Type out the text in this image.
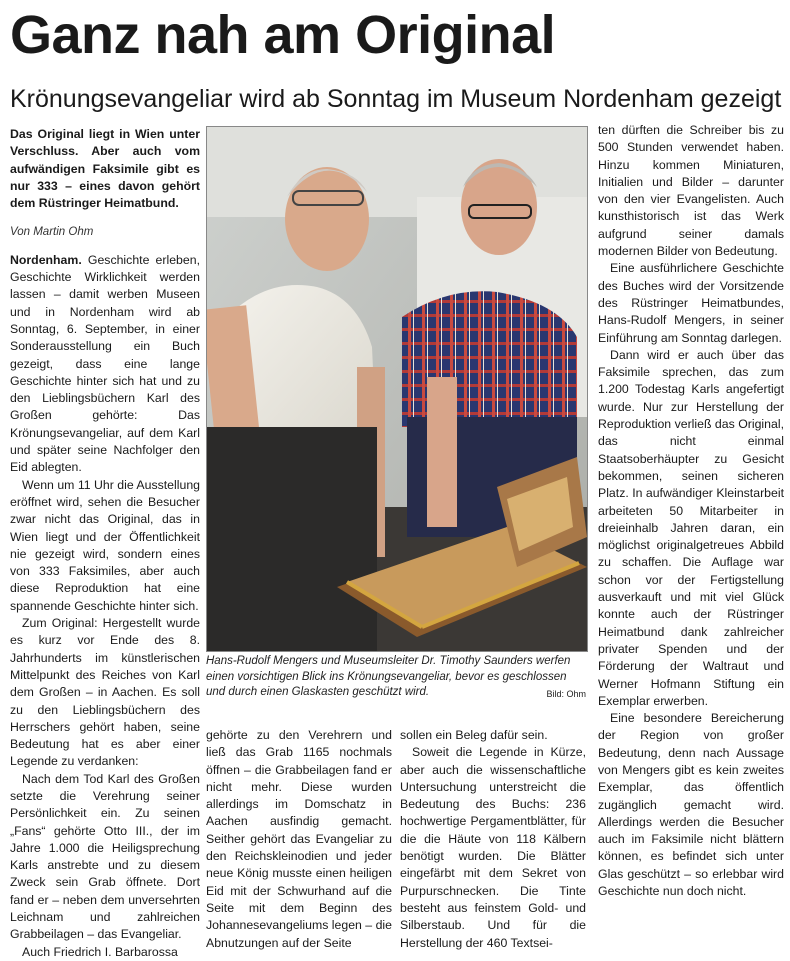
Ganz nah am Original
Krönungsevangeliar wird ab Sonntag im Museum Nordenham gezeigt

Das Original liegt in Wien unter Verschluss. Aber auch vom aufwändigen Faksimile gibt es nur 333 – eines davon gehört dem Rüstringer Heimatbund.

Von Martin Ohm

Nordenham. Geschichte erleben, Geschichte Wirklichkeit werden lassen – damit werben Museen und in Nordenham wird ab Sonntag, 6. September, in einer Sonderausstellung ein Buch gezeigt, dass eine lange Geschichte hinter sich hat und zu den Lieblingsbüchern Karl des Großen gehörte: Das Krönungsevangeliar, auf dem Karl und später seine Nachfolger den Eid ablegten.

Wenn um 11 Uhr die Ausstellung eröffnet wird, sehen die Besucher zwar nicht das Original, das in Wien liegt und der Öffentlichkeit nie gezeigt wird, sondern eines von 333 Faksimiles, aber auch diese Reproduktion hat eine spannende Geschichte hinter sich.

Zum Original: Hergestellt wurde es kurz vor Ende des 8. Jahrhunderts im künstlerischen Mittelpunkt des Reiches von Karl dem Großen – in Aachen. Es soll zu den Lieblingsbüchern des Herrschers gehört haben, seine Bedeutung hat es aber einer Legende zu verdanken:

Nach dem Tod Karl des Großen setzte die Verehrung seiner Persönlichkeit ein. Zu seinen „Fans“ gehörte Otto III., der im Jahre 1.000 die Heiligsprechung Karls anstrebte und zu diesem Zweck sein Grab öffnete. Dort fand er – neben dem unversehrten Leichnam und zahlreichen Grabbeilagen – das Evangeliar.

Auch Friedrich I. Barbarossa

Hans-Rudolf Mengers und Museumsleiter Dr. Timothy Saunders werfen einen vorsichtigen Blick ins Krönungsevangeliar, bevor es geschlossen und durch einen Glaskasten geschützt wird.	Bild: Ohm

gehörte zu den Verehrern und ließ das Grab 1165 nochmals öffnen – die Grabbeilagen fand er nicht mehr. Diese wurden allerdings im Domschatz in Aachen ausfindig gemacht. Seither gehört das Evangeliar zu den Reichskleinodien und jeder neue König musste einen heiligen Eid mit der Schwurhand auf die Seite mit dem Beginn des Johannesevangeliums legen – die Abnutzungen auf der Seite

sollen ein Beleg dafür sein.

Soweit die Legende in Kürze, aber auch die wissenschaftliche Untersuchung unterstreicht die Bedeutung des Buchs: 236 hochwertige Pergamentblätter, für die die Häute von 118 Kälbern benötigt wurden. Die Blätter eingefärbt mit dem Sekret von Purpurschnecken. Die Tinte besteht aus feinstem Gold- und Silberstaub. Und für die Herstellung der 460 Textsei-

ten dürften die Schreiber bis zu 500 Stunden verwendet haben. Hinzu kommen Miniaturen, Initialien und Bilder – darunter von den vier Evangelisten. Auch kunsthistorisch ist das Werk aufgrund seiner damals modernen Bilder von Bedeutung.

Eine ausführlichere Geschichte des Buches wird der Vorsitzende des Rüstringer Heimatbundes, Hans-Rudolf Mengers, in seiner Einführung am Sonntag darlegen.

Dann wird er auch über das Faksimile sprechen, das zum 1.200 Todestag Karls angefertigt wurde. Nur zur Herstellung der Reproduktion verließ das Original, das nicht einmal Staatsoberhäupter zu Gesicht bekommen, seinen sicheren Platz. In aufwändiger Kleinstarbeit arbeiteten 50 Mitarbeiter in dreieinhalb Jahren daran, ein möglichst originalgetreues Abbild zu schaffen. Die Auflage war schon vor der Fertigstellung ausverkauft und mit viel Glück konnte auch der Rüstringer Heimatbund dank zahlreicher privater Spenden und der Förderung der Waltraut und Werner Hofmann Stiftung ein Exemplar erwerben.

Eine besondere Bereicherung der Region von großer Bedeutung, denn nach Aussage von Mengers gibt es kein zweites Exemplar, das öffentlich zugänglich gemacht wird. Allerdings werden die Besucher auch im Faksimile nicht blättern können, es befindet sich unter Glas geschützt – so erlebbar wird Geschichte nun doch nicht.
